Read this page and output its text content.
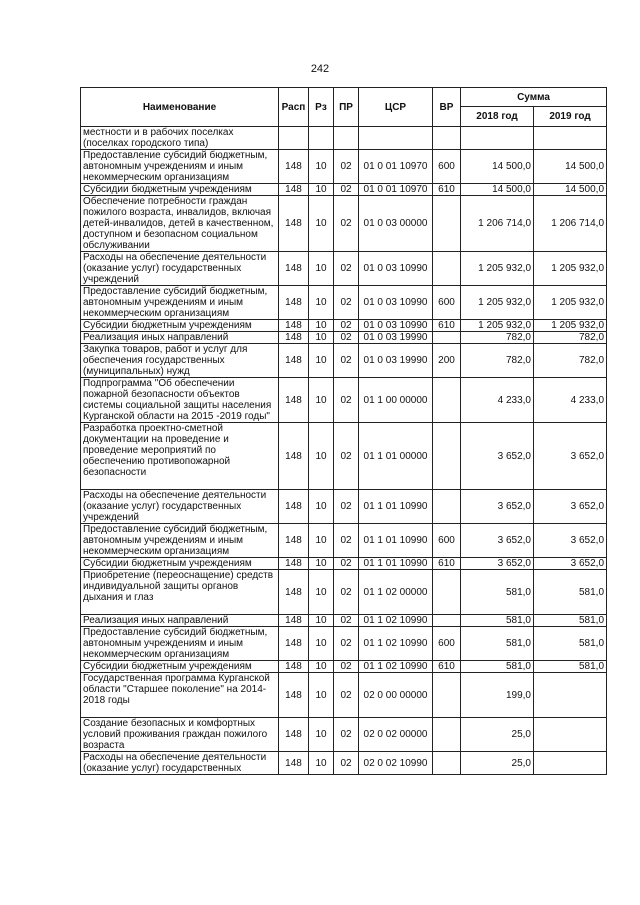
242
Наименование	Расп	Рз	ПР	ЦСР	ВР	Сумма	
						2018 год	2019 год
местности и в рабочих поселках (поселках городского типа)							
Предоставление субсидий бюджетным, автономным учреждениям и иным некоммерческим организациям	148	10	02	01 0 01 10970	600	14 500,0	14 500,0
Субсидии бюджетным учреждениям	148	10	02	01 0 01 10970	610	14 500,0	14 500,0
Обеспечение потребности граждан пожилого возраста, инвалидов, включая детей-инвалидов, детей в качественном, доступном и безопасном социальном обслуживании	148	10	02	01 0 03 00000		1 206 714,0	1 206 714,0
Расходы на обеспечение деятельности (оказание услуг) государственных учреждений	148	10	02	01 0 03 10990		1 205 932,0	1 205 932,0
Предоставление субсидий бюджетным, автономным учреждениям и иным некоммерческим организациям	148	10	02	01 0 03 10990	600	1 205 932,0	1 205 932,0
Субсидии бюджетным учреждениям	148	10	02	01 0 03 10990	610	1 205 932,0	1 205 932,0
Реализация иных направлений	148	10	02	01 0 03 19990		782,0	782,0
Закупка товаров, работ и услуг для обеспечения государственных (муниципальных) нужд	148	10	02	01 0 03 19990	200	782,0	782,0
Подпрограмма "Об обеспечении пожарной безопасности объектов системы социальной защиты населения Курганской области на 2015 -2019 годы"	148	10	02	01 1 00 00000		4 233,0	4 233,0
Разработка проектно-сметной документации на проведение и проведение мероприятий по обеспечению противопожарной безопасности	148	10	02	01 1 01 00000		3 652,0	3 652,0
Расходы на обеспечение деятельности (оказание услуг) государственных учреждений	148	10	02	01 1 01 10990		3 652,0	3 652,0
Предоставление субсидий бюджетным, автономным учреждениям и иным некоммерческим организациям	148	10	02	01 1 01 10990	600	3 652,0	3 652,0
Субсидии бюджетным учреждениям	148	10	02	01 1 01 10990	610	3 652,0	3 652,0
Приобретение (переоснащение) средств индивидуальной защиты органов дыхания и глаз	148	10	02	01 1 02 00000		581,0	581,0
Реализация иных направлений	148	10	02	01 1 02 10990		581,0	581,0
Предоставление субсидий бюджетным, автономным учреждениям и иным некоммерческим организациям	148	10	02	01 1 02 10990	600	581,0	581,0
Субсидии бюджетным учреждениям	148	10	02	01 1 02 10990	610	581,0	581,0
Государственная программа Курганской области "Старшее поколение" на 2014-2018 годы	148	10	02	02 0 00 00000		199,0	
Создание безопасных и комфортных условий проживания граждан пожилого возраста	148	10	02	02 0 02 00000		25,0	
Расходы на обеспечение деятельности (оказание услуг) государственных	148	10	02	02 0 02 10990		25,0	
